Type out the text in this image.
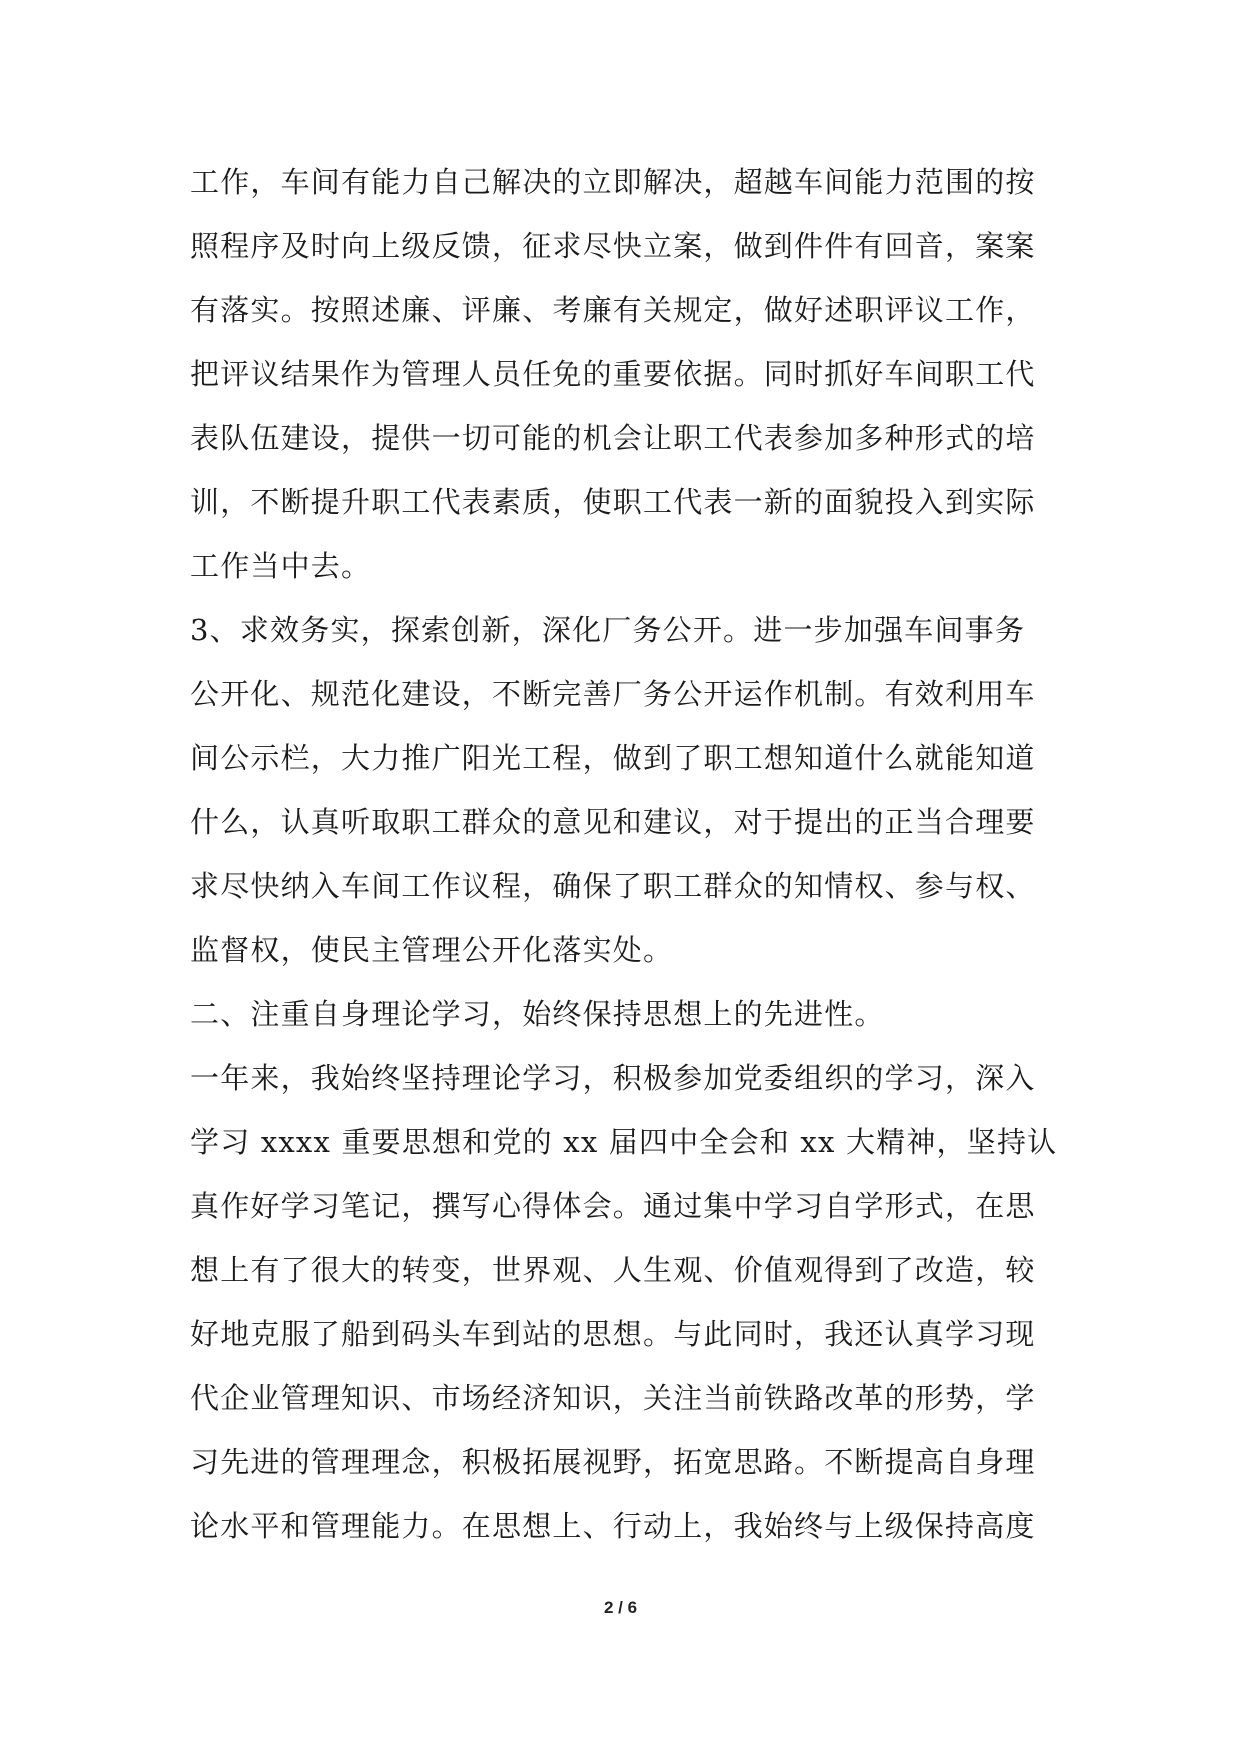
工作，车间有能力自己解决的立即解决，超越车间能力范围的按
照程序及时向上级反馈，征求尽快立案，做到件件有回音，案案
有落实。按照述廉、评廉、考廉有关规定，做好述职评议工作，
把评议结果作为管理人员任免的重要依据。同时抓好车间职工代
表队伍建设，提供一切可能的机会让职工代表参加多种形式的培
训，不断提升职工代表素质，使职工代表一新的面貌投入到实际
工作当中去。
3、求效务实，探索创新，深化厂务公开。进一步加强车间事务
公开化、规范化建设，不断完善厂务公开运作机制。有效利用车
间公示栏，大力推广阳光工程，做到了职工想知道什么就能知道
什么，认真听取职工群众的意见和建议，对于提出的正当合理要
求尽快纳入车间工作议程，确保了职工群众的知情权、参与权、
监督权，使民主管理公开化落实处。
二、注重自身理论学习，始终保持思想上的先进性。
一年来，我始终坚持理论学习，积极参加党委组织的学习，深入
学习 xxxx 重要思想和党的 xx 届四中全会和 xx 大精神，坚持认
真作好学习笔记，撰写心得体会。通过集中学习自学形式，在思
想上有了很大的转变，世界观、人生观、价值观得到了改造，较
好地克服了船到码头车到站的思想。与此同时，我还认真学习现
代企业管理知识、市场经济知识，关注当前铁路改革的形势，学
习先进的管理理念，积极拓展视野，拓宽思路。不断提高自身理
论水平和管理能力。在思想上、行动上，我始终与上级保持高度
2 / 6
